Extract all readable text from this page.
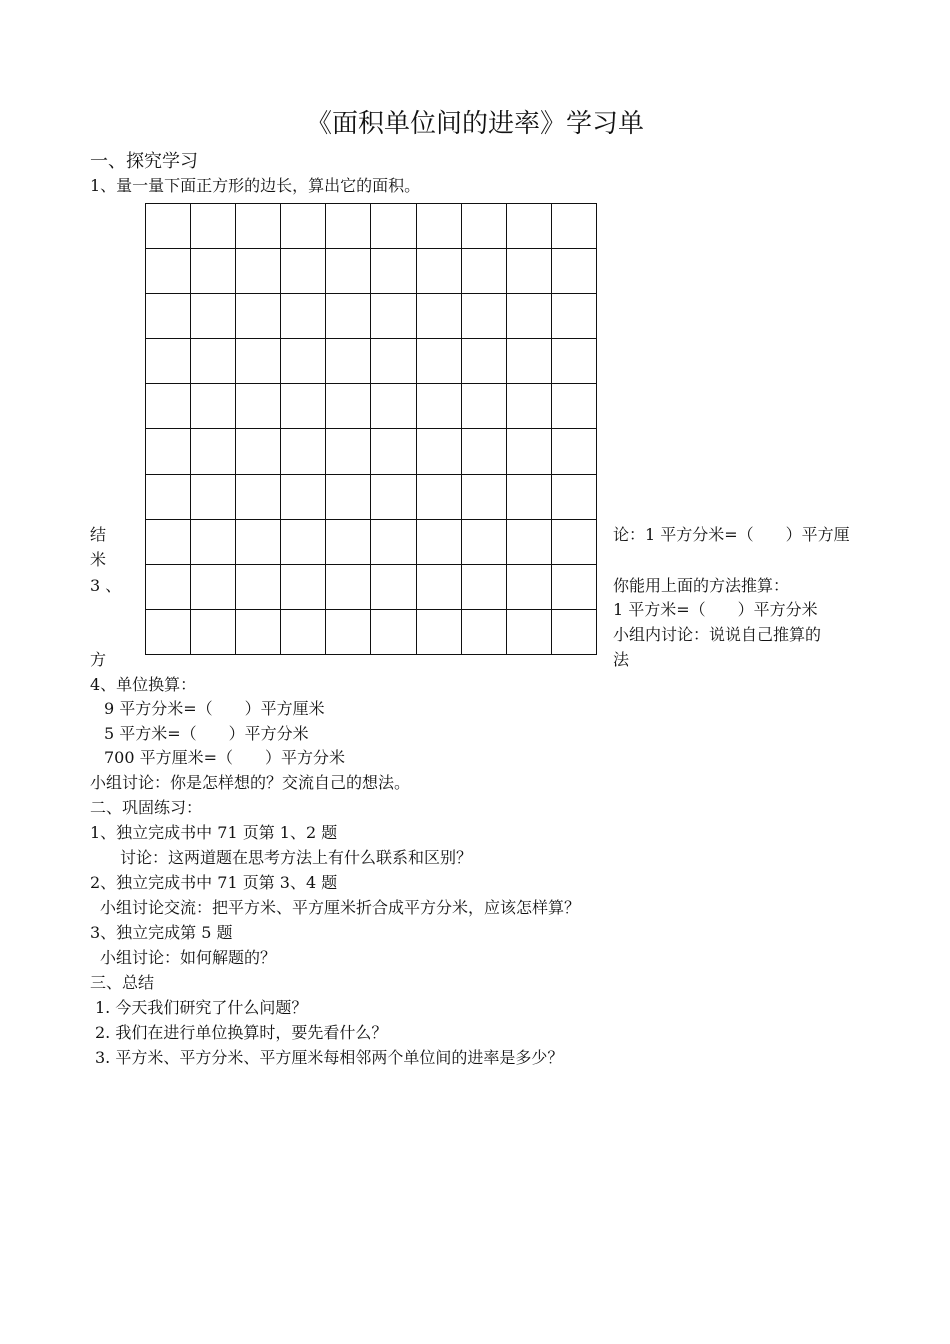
《面积单位间的进率》学习单
一、探究学习
1、量一量下面正方形的边长，算出它的面积。

结
米
3 、
方
论：1 平方分米=（　　）平方厘
你能用上面的方法推算：
1 平方米=（　　）平方分米
小组内讨论：说说自己推算的
法
4、单位换算：
9 平方分米=（　　）平方厘米
5 平方米=（　　）平方分米
700 平方厘米=（　　）平方分米
小组讨论：你是怎样想的？交流自己的想法。
二、巩固练习：
1、独立完成书中 71 页第 1、2 题
讨论：这两道题在思考方法上有什么联系和区别？
2、独立完成书中 71 页第 3、4 题
小组讨论交流：把平方米、平方厘米折合成平方分米，应该怎样算？
3、独立完成第 5 题
小组讨论：如何解题的？
三、总结
1. 今天我们研究了什么问题？
2. 我们在进行单位换算时，要先看什么？
3. 平方米、平方分米、平方厘米每相邻两个单位间的进率是多少？
